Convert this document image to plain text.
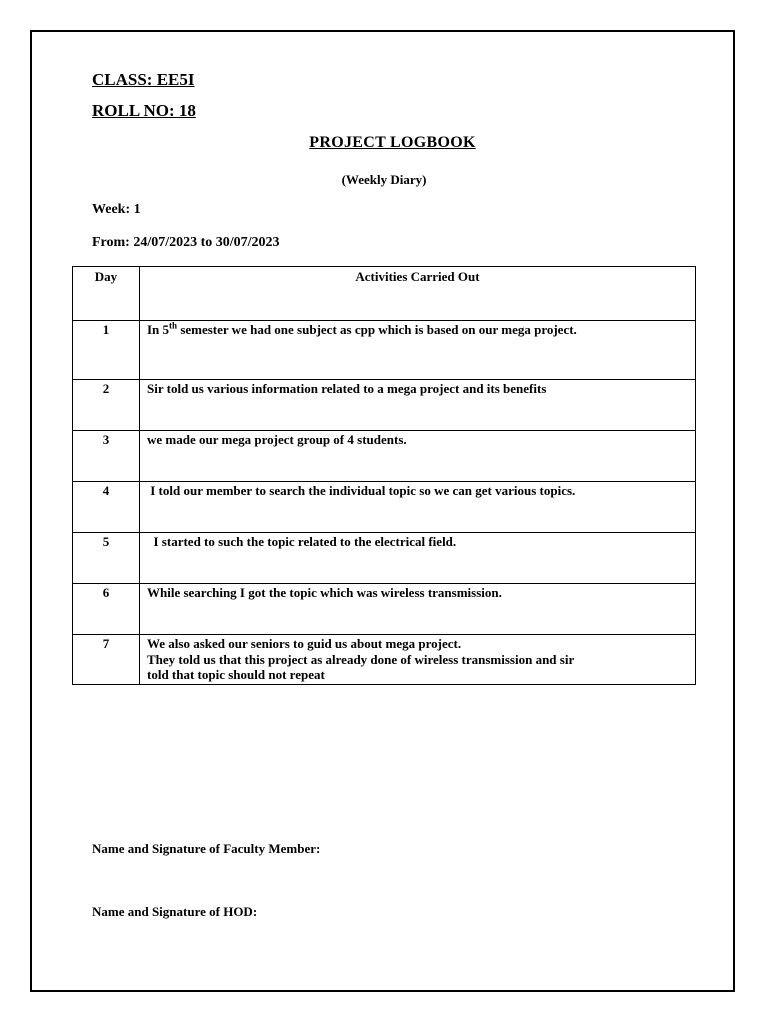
CLASS: EE5I
ROLL NO: 18
PROJECT LOGBOOK
(Weekly Diary)
Week: 1
From: 24/07/2023 to 30/07/2023
Day	Activities Carried Out
1	In 5th semester we had one subject as cpp which is based on our mega project.
2	Sir told us various information related to a mega project and its benefits

3	we made our mega project group of 4 students.

4	I told our member to search the individual topic so we can get various topics.

5	I started to such the topic related to the electrical field.

6	While searching I got the topic which was wireless transmission.

7	We also asked our seniors to guid us about mega project.
They told us that this project as already done of wireless transmission and sir
told that topic should not repeat
Name and Signature of Faculty Member:
Name and Signature of HOD:
